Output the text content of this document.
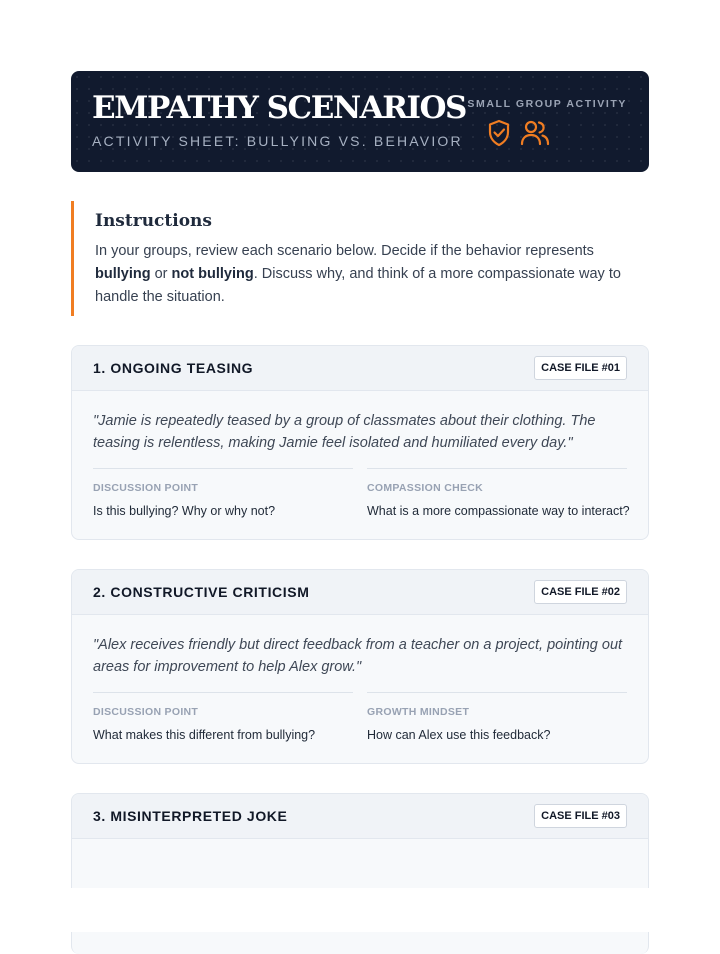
EMPATHY SCENARIOS
ACTIVITY SHEET: BULLYING VS. BEHAVIOR
SMALL GROUP ACTIVITY
Instructions
In your groups, review each scenario below. Decide if the behavior represents bullying or not bullying. Discuss why, and think of a more compassionate way to handle the situation.
1. ONGOING TEASING	CASE FILE #01
"Jamie is repeatedly teased by a group of classmates about their clothing. The teasing is relentless, making Jamie feel isolated and humiliated every day."
DISCUSSION POINT
Is this bullying? Why or why not?
COMPASSION CHECK
What is a more compassionate way to interact?
2. CONSTRUCTIVE CRITICISM	CASE FILE #02
"Alex receives friendly but direct feedback from a teacher on a project, pointing out areas for improvement to help Alex grow."
DISCUSSION POINT
What makes this different from bullying?
GROWTH MINDSET
How can Alex use this feedback?
3. MISINTERPRETED JOKE	CASE FILE #03
